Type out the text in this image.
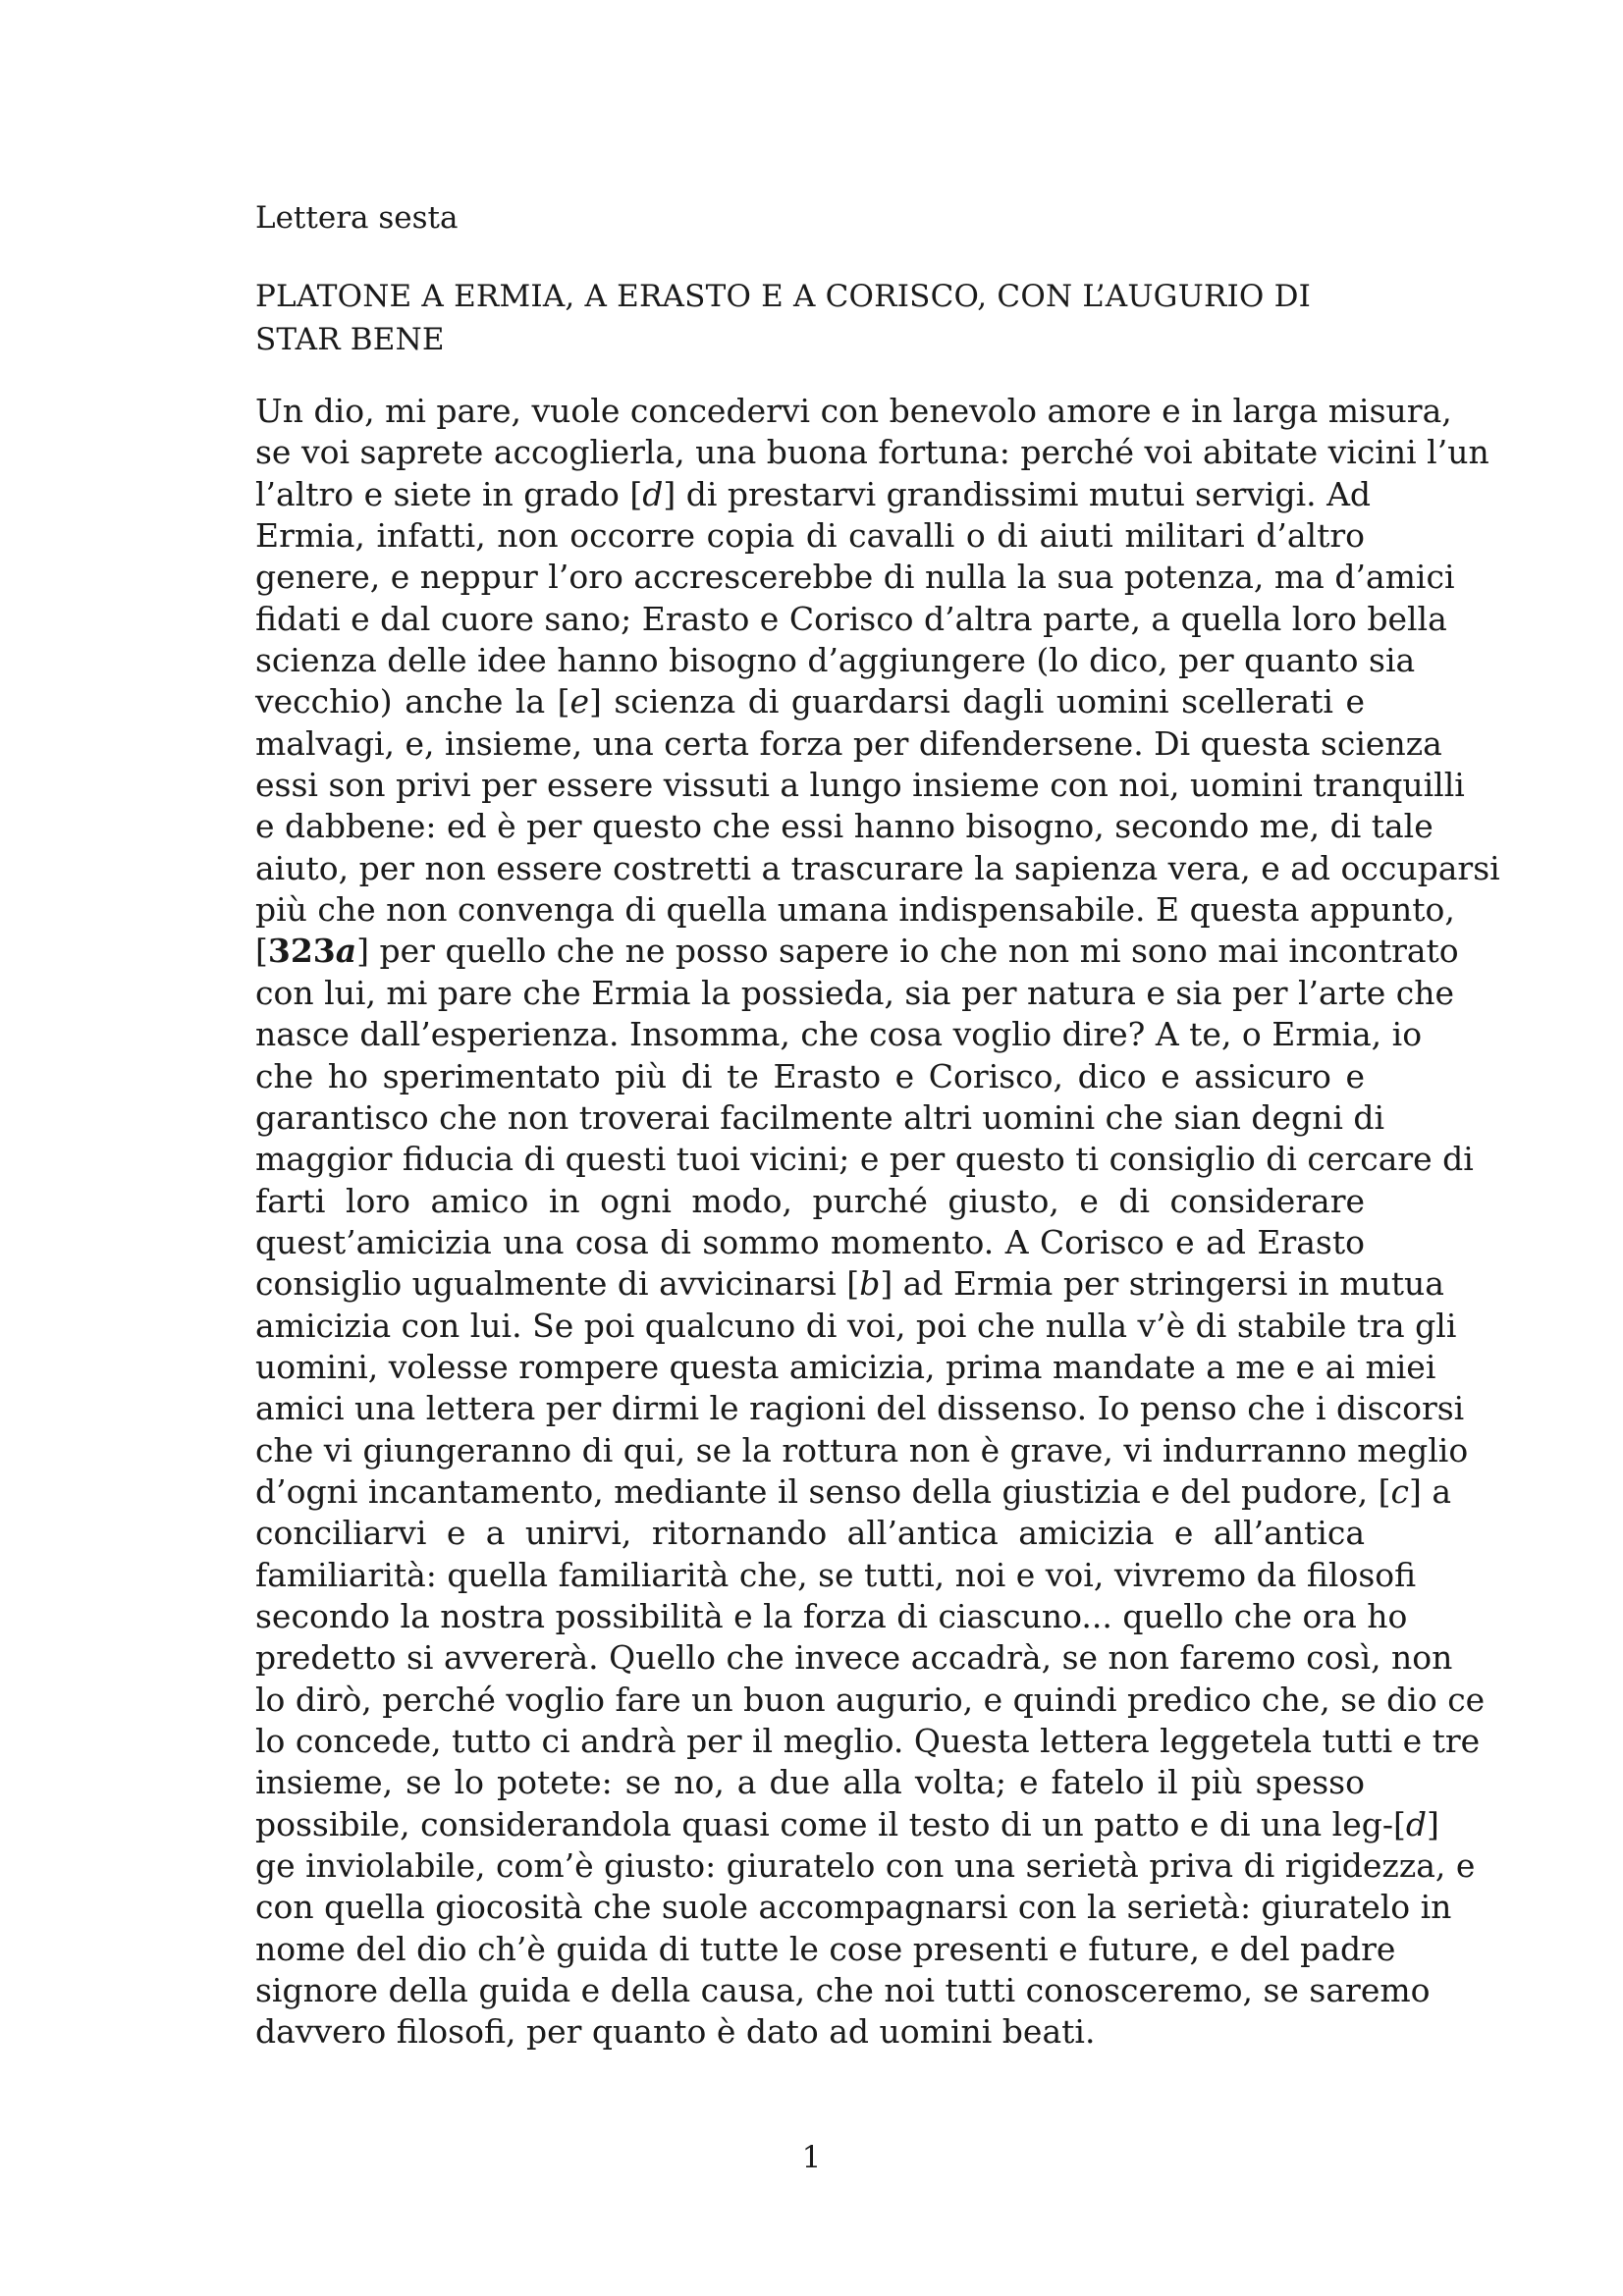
Lettera sesta
PLATONE A ERMIA, A ERASTO E A CORISCO, CON L’AUGURIO DI STAR BENE
Un dio, mi pare, vuole concedervi con benevolo amore e in larga misura,
se voi saprete accoglierla, una buona fortuna: perché voi abitate vicini l’un
l’altro e siete in grado [d] di prestarvi grandissimi mutui servigi. Ad
Ermia, infatti, non occorre copia di cavalli o di aiuti militari d’altro
genere, e neppur l’oro accrescerebbe di nulla la sua potenza, ma d’amici
fidati e dal cuore sano; Erasto e Corisco d’altra parte, a quella loro bella
scienza delle idee hanno bisogno d’aggiungere (lo dico, per quanto sia
vecchio) anche la [e] scienza di guardarsi dagli uomini scellerati e
malvagi, e, insieme, una certa forza per difendersene. Di questa scienza
essi son privi per essere vissuti a lungo insieme con noi, uomini tranquilli
e dabbene: ed è per questo che essi hanno bisogno, secondo me, di tale
aiuto, per non essere costretti a trascurare la sapienza vera, e ad occuparsi
più che non convenga di quella umana indispensabile. E questa appunto,
[323a] per quello che ne posso sapere io che non mi sono mai incontrato
con lui, mi pare che Ermia la possieda, sia per natura e sia per l’arte che
nasce dall’esperienza. Insomma, che cosa voglio dire? A te, o Ermia, io
che ho sperimentato più di te Erasto e Corisco, dico e assicuro e
garantisco che non troverai facilmente altri uomini che sian degni di
maggior fiducia di questi tuoi vicini; e per questo ti consiglio di cercare di
farti loro amico in ogni modo, purché giusto, e di considerare
quest’amicizia una cosa di sommo momento. A Corisco e ad Erasto
consiglio ugualmente di avvicinarsi [b] ad Ermia per stringersi in mutua
amicizia con lui. Se poi qualcuno di voi, poi che nulla v’è di stabile tra gli
uomini, volesse rompere questa amicizia, prima mandate a me e ai miei
amici una lettera per dirmi le ragioni del dissenso. Io penso che i discorsi
che vi giungeranno di qui, se la rottura non è grave, vi indurranno meglio
d’ogni incantamento, mediante il senso della giustizia e del pudore, [c] a
conciliarvi e a unirvi, ritornando all’antica amicizia e all’antica
familiarità: quella familiarità che, se tutti, noi e voi, vivremo da filosofi
secondo la nostra possibilità e la forza di ciascuno... quello che ora ho
predetto si avvererà. Quello che invece accadrà, se non faremo così, non
lo dirò, perché voglio fare un buon augurio, e quindi predico che, se dio ce
lo concede, tutto ci andrà per il meglio. Questa lettera leggetela tutti e tre
insieme, se lo potete: se no, a due alla volta; e fatelo il più spesso
possibile, considerandola quasi come il testo di un patto e di una leg-[d]
ge inviolabile, com’è giusto: giuratelo con una serietà priva di rigidezza, e
con quella giocosità che suole accompagnarsi con la serietà: giuratelo in
nome del dio ch’è guida di tutte le cose presenti e future, e del padre
signore della guida e della causa, che noi tutti conosceremo, se saremo
davvero filosofi, per quanto è dato ad uomini beati.
1
